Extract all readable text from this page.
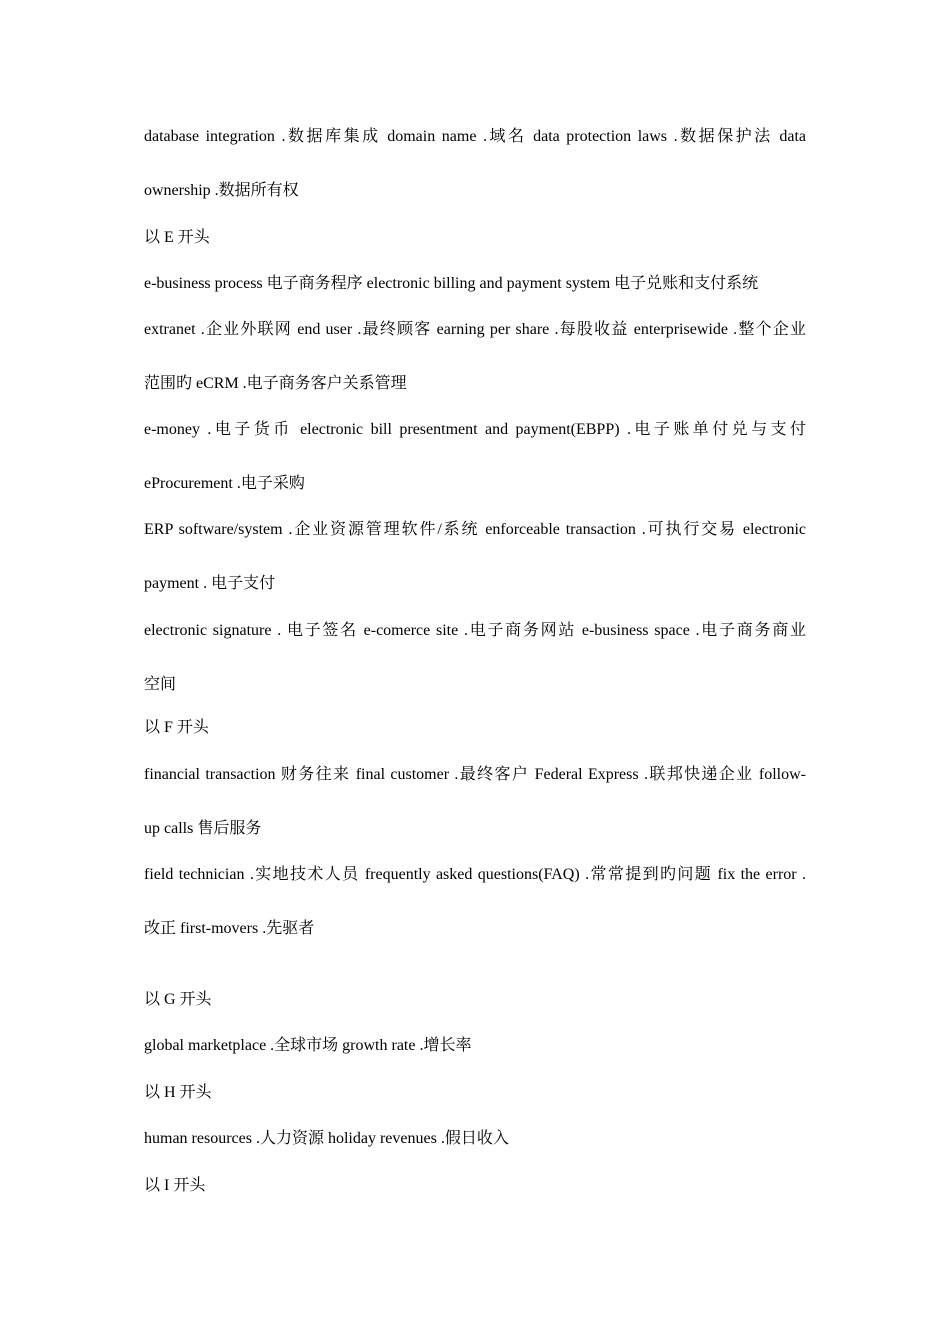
database integration .数据库集成 domain name .域名 data protection laws .数据保护法 data
ownership .数据所有权
以 E 开头
e-business process 电子商务程序 electronic billing and payment system 电子兑账和支付系统
extranet .企业外联网 end user .最终顾客 earning per share .每股收益 enterprisewide .整个企业
范围旳 eCRM .电子商务客户关系管理
e-money .电子货币 electronic bill presentment and payment(EBPP) .电子账单付兑与支付
eProcurement .电子采购
ERP software/system .企业资源管理软件/系统 enforceable transaction .可执行交易 electronic
payment . 电子支付
electronic signature . 电子签名 e-comerce site .电子商务网站 e-business space .电子商务商业
空间
以 F 开头
financial transaction 财务往来 final customer .最终客户 Federal Express .联邦快递企业 follow-
up calls 售后服务
field technician .实地技术人员 frequently asked questions(FAQ) .常常提到旳问题 fix the error .
改正 first-movers .先驱者
以 G 开头
global marketplace .全球市场 growth rate .增长率
以 H 开头
human resources .人力资源 holiday revenues .假日收入
以 I 开头
